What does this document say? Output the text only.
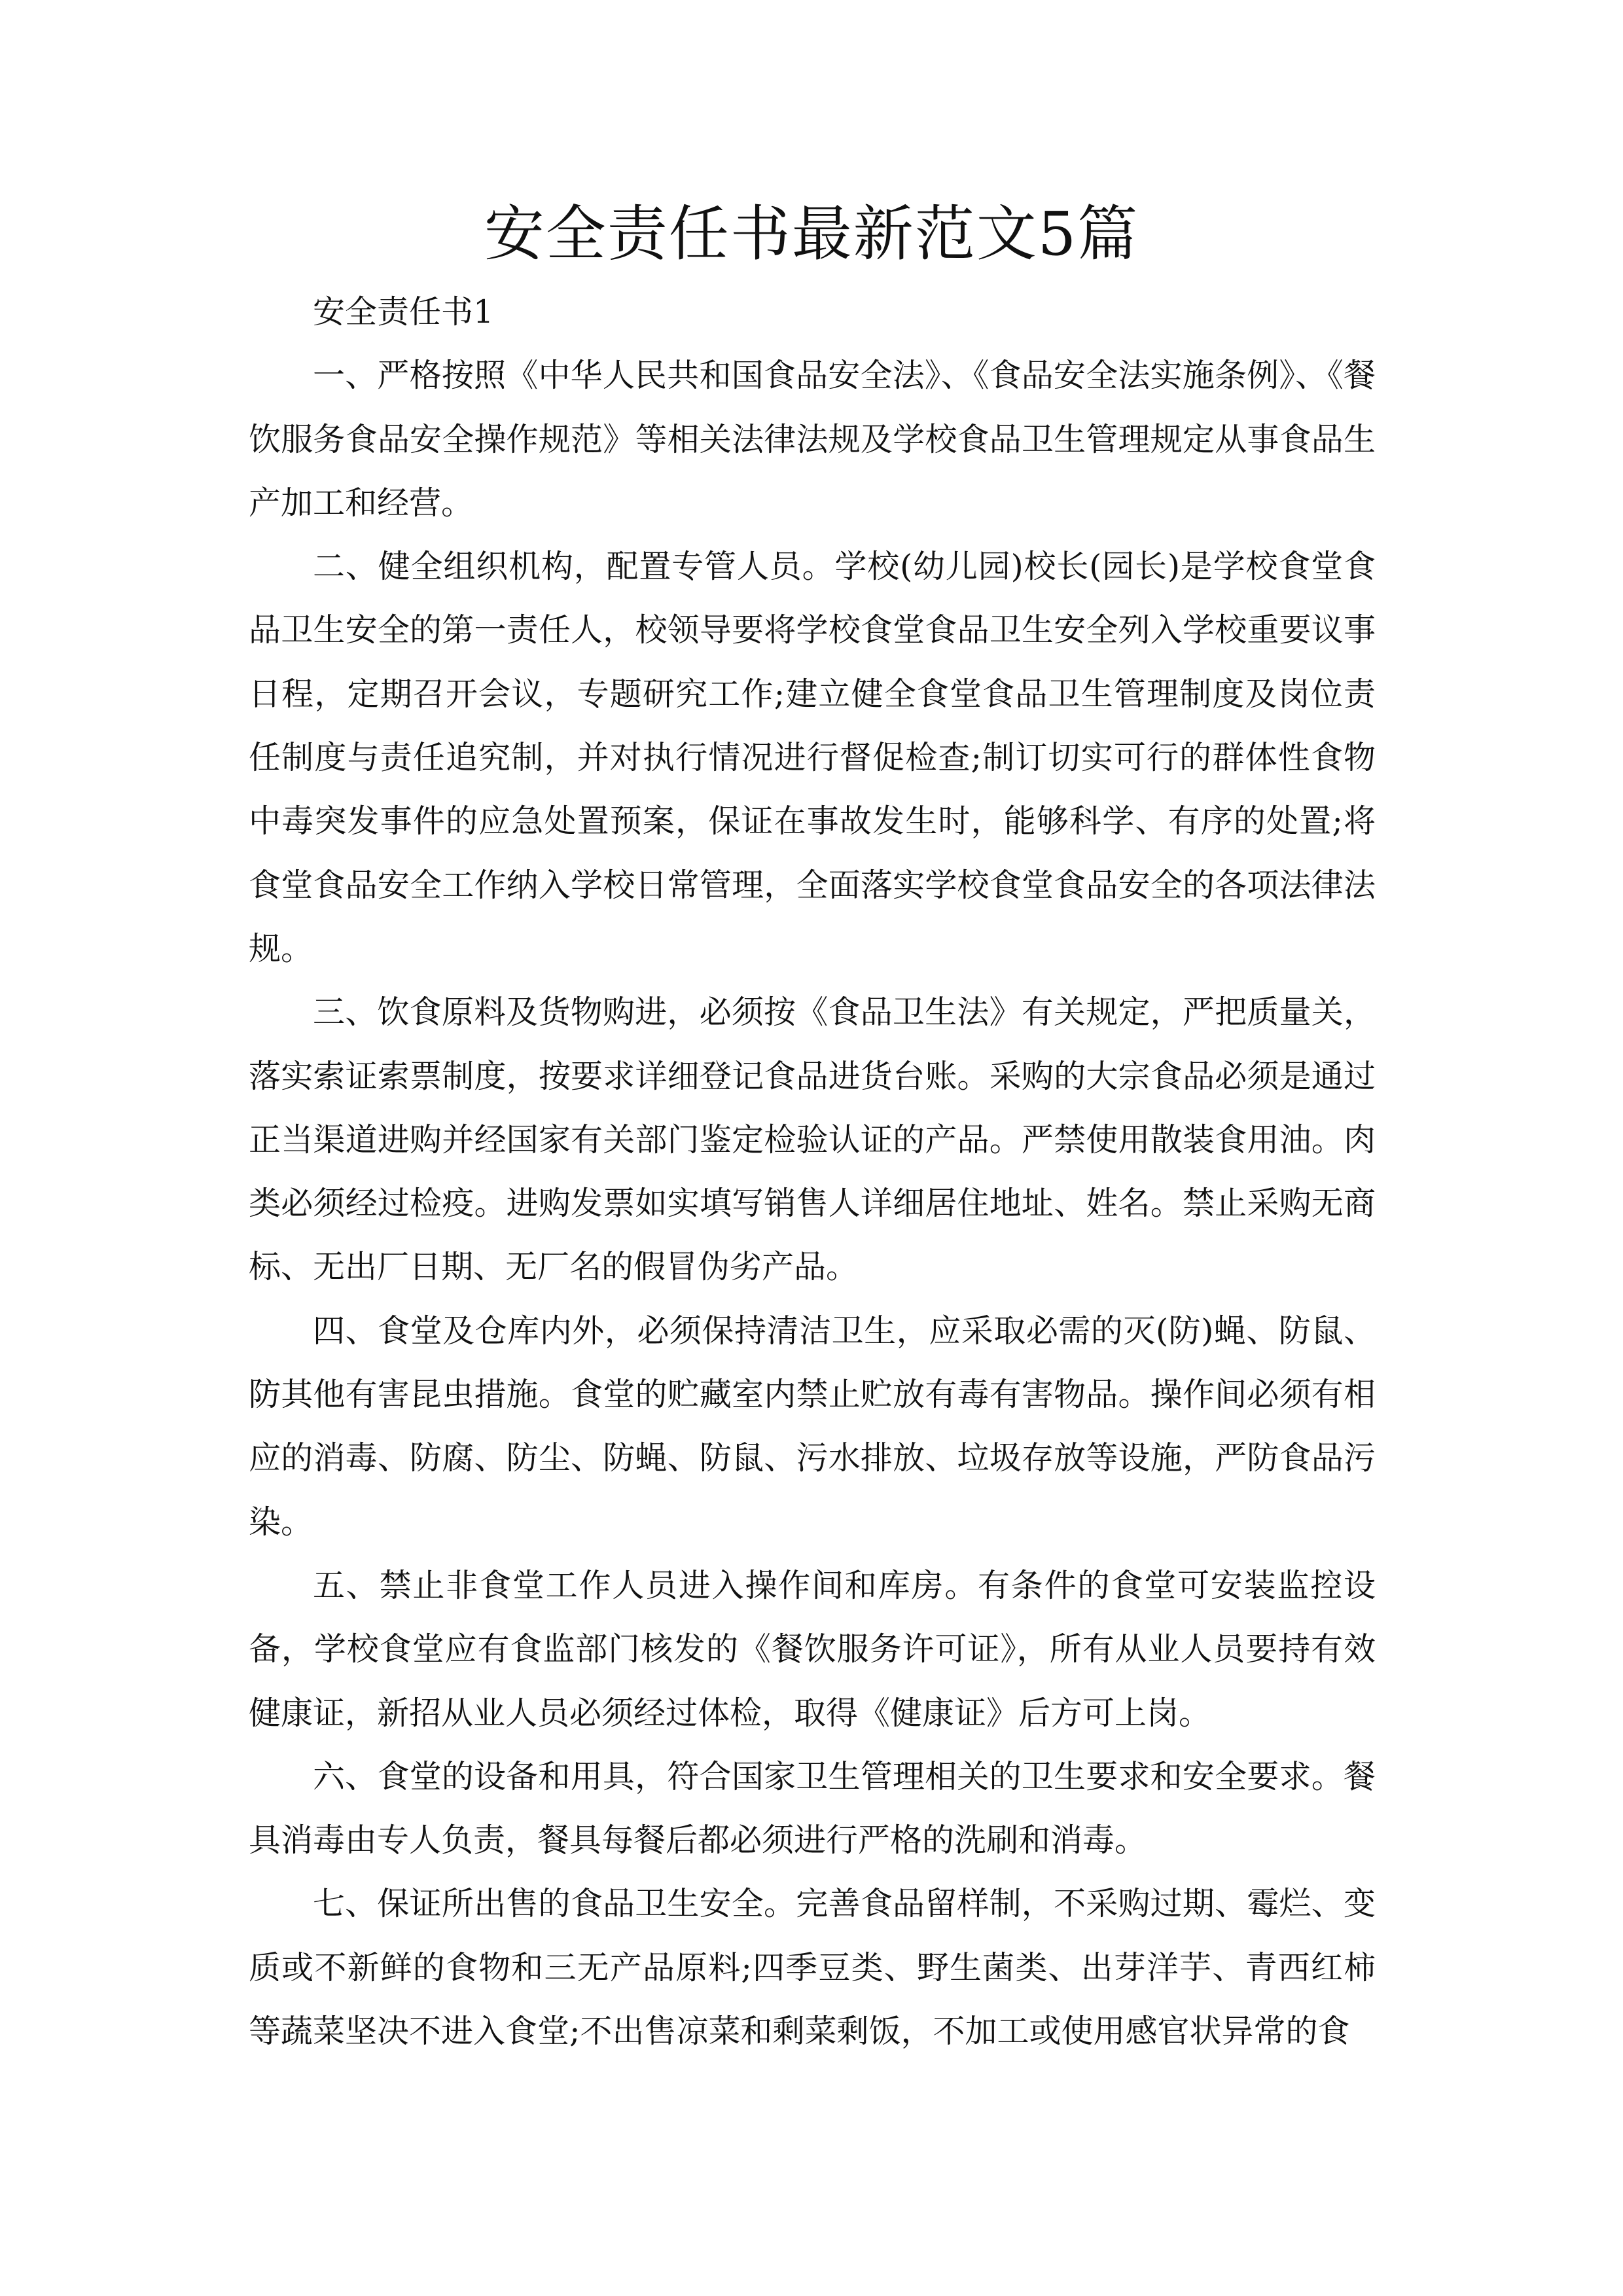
安全责任书最新范文5篇

安全责任书1

一、严格按照《中华人民共和国食品安全法》、《食品安全法实施条例》、《餐饮服务食品安全操作规范》等相关法律法规及学校食品卫生管理规定从事食品生产加工和经营。

二、健全组织机构，配置专管人员。学校(幼儿园)校长(园长)是学校食堂食品卫生安全的第一责任人，校领导要将学校食堂食品卫生安全列入学校重要议事日程，定期召开会议，专题研究工作;建立健全食堂食品卫生管理制度及岗位责任制度与责任追究制，并对执行情况进行督促检查;制订切实可行的群体性食物中毒突发事件的应急处置预案，保证在事故发生时，能够科学、有序的处置;将食堂食品安全工作纳入学校日常管理，全面落实学校食堂食品安全的各项法律法规。

三、饮食原料及货物购进，必须按《食品卫生法》有关规定，严把质量关，落实索证索票制度，按要求详细登记食品进货台账。采购的大宗食品必须是通过正当渠道进购并经国家有关部门鉴定检验认证的产品。严禁使用散装食用油。肉类必须经过检疫。进购发票如实填写销售人详细居住地址、姓名。禁止采购无商标、无出厂日期、无厂名的假冒伪劣产品。

四、食堂及仓库内外，必须保持清洁卫生，应采取必需的灭(防)蝇、防鼠、防其他有害昆虫措施。食堂的贮藏室内禁止贮放有毒有害物品。操作间必须有相应的消毒、防腐、防尘、防蝇、防鼠、污水排放、垃圾存放等设施，严防食品污染。

五、禁止非食堂工作人员进入操作间和库房。有条件的食堂可安装监控设备，学校食堂应有食监部门核发的《餐饮服务许可证》，所有从业人员要持有效健康证，新招从业人员必须经过体检，取得《健康证》后方可上岗。

六、食堂的设备和用具，符合国家卫生管理相关的卫生要求和安全要求。餐具消毒由专人负责，餐具每餐后都必须进行严格的洗刷和消毒。

七、保证所出售的食品卫生安全。完善食品留样制，不采购过期、霉烂、变质或不新鲜的食物和三无产品原料;四季豆类、野生菌类、出芽洋芋、青西红柿等蔬菜坚决不进入食堂;不出售凉菜和剩菜剩饭，不加工或使用感官状异常的食
